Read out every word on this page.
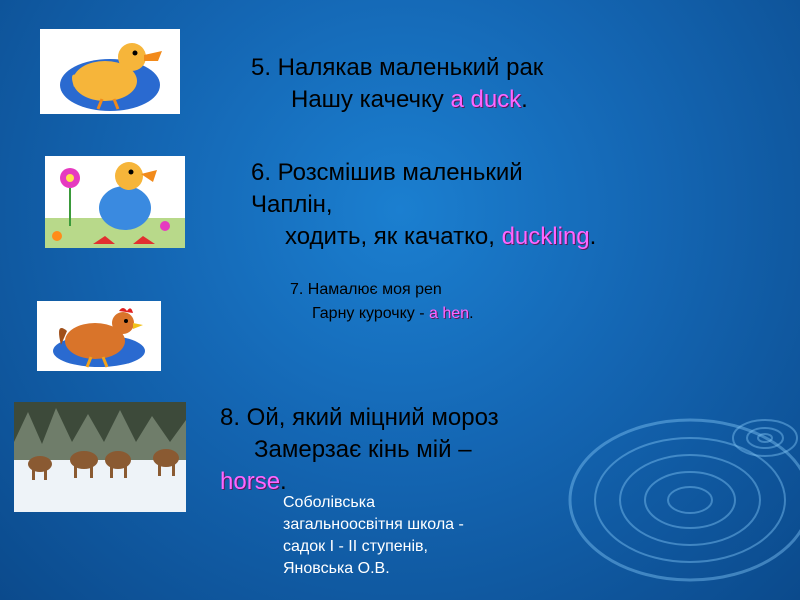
5. Налякав маленький рак
Нашу качечку a duck.
6. Розсмішив маленький
Чаплін,
ходить, як качатко, duckling.
7. Намалює моя pen
Гарну курочку - a hen.
8. Ой, який міцний мороз
Замерзає кінь мій –
horse.
Соболівська
загальноосвітня школа -
садок І - ІІ ступенів,
Яновська О.В.
